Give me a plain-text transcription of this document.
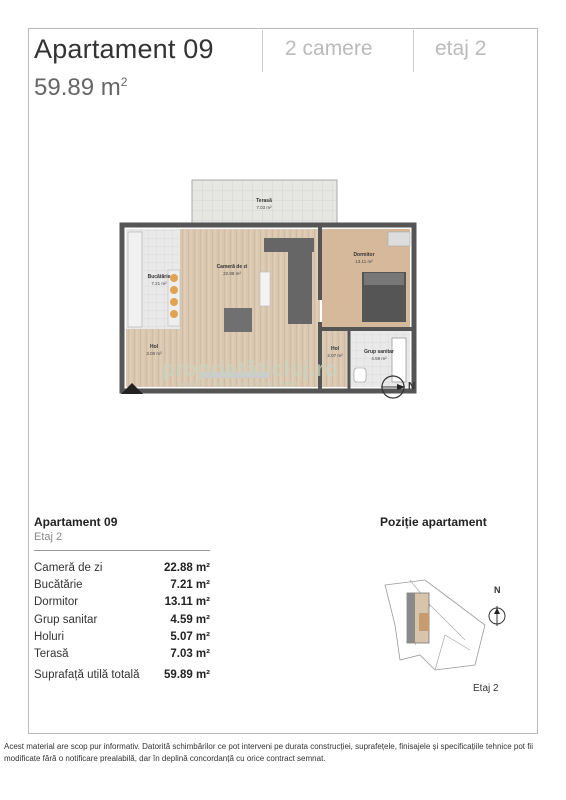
Apartament 09
59.89 $m^2$
2 camere	etaj 2
Terasă
7.03 m²
Cameră de zi
22.88 m²
Bucătărie
7.21 m²
Hol
3.00 m²
Dormitor
13.11 m²
Hol
2.07 m²
Grup sanitar
4.59 m²
proprietăticluj.ro
DIRECT DE LA PROPRIETARI	N
Apartament 09
Etaj 2
Cameră de zi	22.88 m²
Bucătărie	7.21 m²
Dormitor	13.11 m²
Grup sanitar	4.59 m²
Holuri	5.07 m²
Terasă	7.03 m²
Suprafață utilă totală 59.89 m²
Poziție apartament
N
Etaj 2
Acest material are scop pur informativ. Datorită schimbărilor ce pot interveni pe durata construcției, suprafețele, finisajele și specificațiile tehnice pot fii modificate fără o notificare prealabilă, dar în deplină concordanță cu orice contract semnat.
